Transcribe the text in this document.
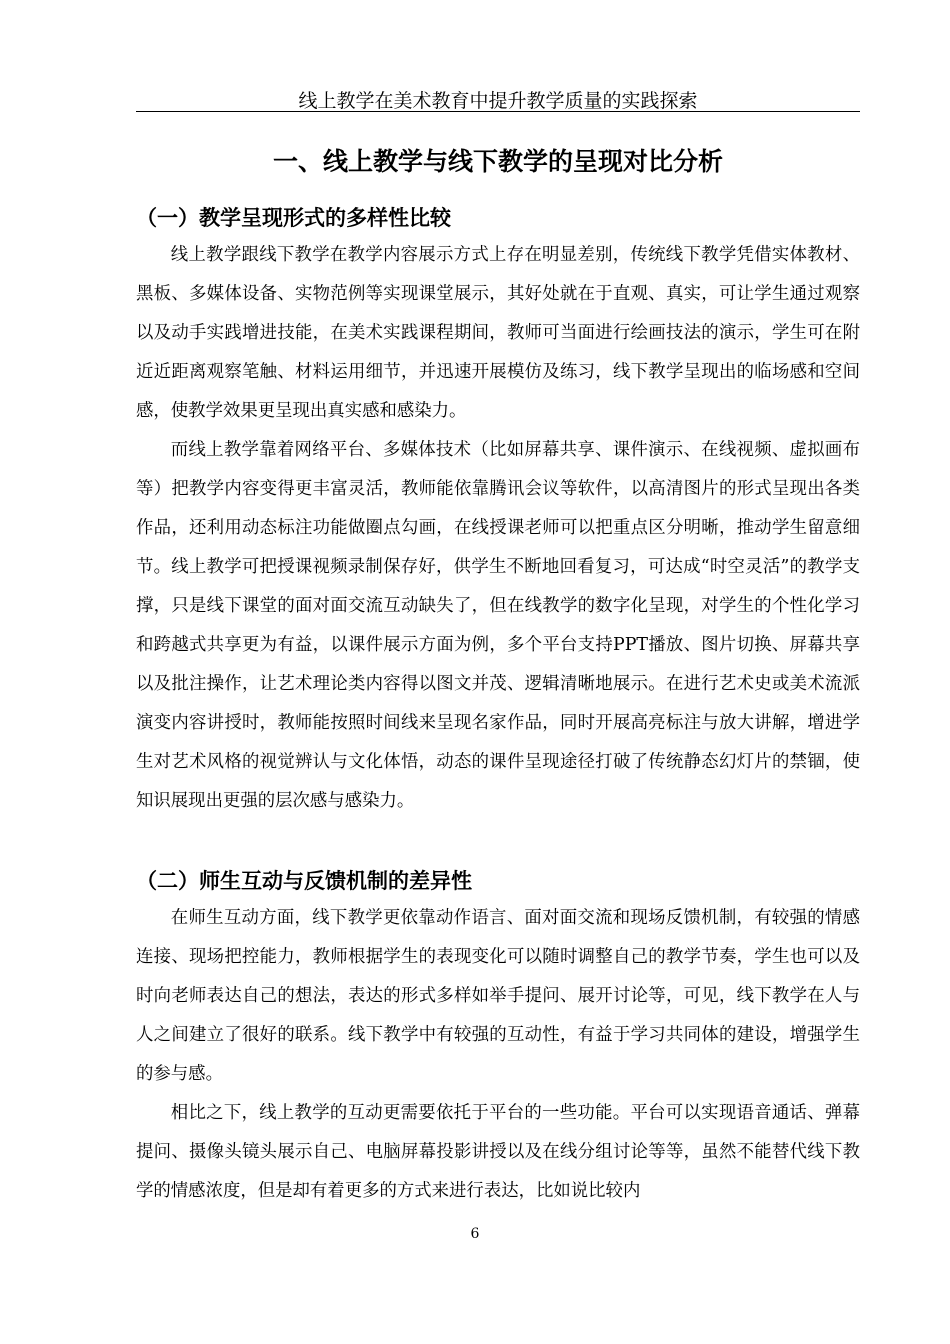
线上教学在美术教育中提升教学质量的实践探索
一、线上教学与线下教学的呈现对比分析
（一）教学呈现形式的多样性比较

线上教学跟线下教学在教学内容展示方式上存在明显差别，传统线下教学凭借实体教材、黑板、多媒体设备、实物范例等实现课堂展示，其好处就在于直观、真实，可让学生通过观察以及动手实践增进技能，在美术实践课程期间，教师可当面进行绘画技法的演示，学生可在附近近距离观察笔触、材料运用细节，并迅速开展模仿及练习，线下教学呈现出的临场感和空间感，使教学效果更呈现出真实感和感染力。

而线上教学靠着网络平台、多媒体技术（比如屏幕共享、课件演示、在线视频、虚拟画布等）把教学内容变得更丰富灵活，教师能依靠腾讯会议等软件，以高清图片的形式呈现出各类作品，还利用动态标注功能做圈点勾画，在线授课老师可以把重点区分明晰，推动学生留意细节。线上教学可把授课视频录制保存好，供学生不断地回看复习，可达成“时空灵活”的教学支撑，只是线下课堂的面对面交流互动缺失了，但在线教学的数字化呈现，对学生的个性化学习和跨越式共享更为有益，以课件展示方面为例，多个平台支持PPT播放、图片切换、屏幕共享以及批注操作，让艺术理论类内容得以图文并茂、逻辑清晰地展示。在进行艺术史或美术流派演变内容讲授时，教师能按照时间线来呈现名家作品，同时开展高亮标注与放大讲解，增进学生对艺术风格的视觉辨认与文化体悟，动态的课件呈现途径打破了传统静态幻灯片的禁锢，使知识展现出更强的层次感与感染力。

（二）师生互动与反馈机制的差异性

在师生互动方面，线下教学更依靠动作语言、面对面交流和现场反馈机制，有较强的情感连接、现场把控能力，教师根据学生的表现变化可以随时调整自己的教学节奏，学生也可以及时向老师表达自己的想法，表达的形式多样如举手提问、展开讨论等，可见，线下教学在人与人之间建立了很好的联系。线下教学中有较强的互动性，有益于学习共同体的建设，增强学生的参与感。

相比之下，线上教学的互动更需要依托于平台的一些功能。平台可以实现语音通话、弹幕提问、摄像头镜头展示自己、电脑屏幕投影讲授以及在线分组讨论等等，虽然不能替代线下教学的情感浓度，但是却有着更多的方式来进行表达，比如说比较内

6
